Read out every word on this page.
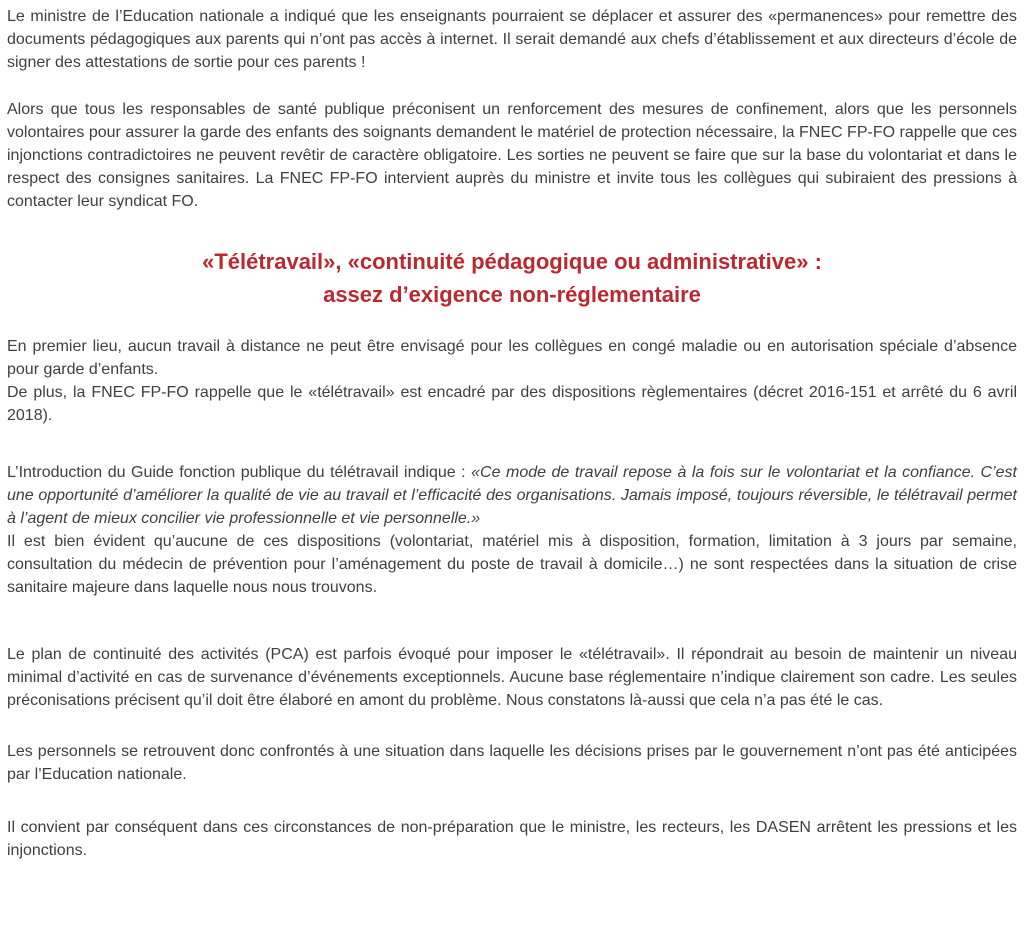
Le ministre de l’Education nationale a indiqué que les enseignants pourraient se déplacer et assurer des «permanences» pour remettre des documents pédagogiques aux parents qui n’ont pas accès à internet. Il serait demandé aux chefs d’établissement et aux directeurs d’école de signer des attestations de sortie pour ces parents !

Alors que tous les responsables de santé publique préconisent un renforcement des mesures de confinement, alors que les personnels volontaires pour assurer la garde des enfants des soignants demandent le matériel de protection nécessaire, la FNEC FP-FO rappelle que ces injonctions contradictoires ne peuvent revêtir de caractère obligatoire. Les sorties ne peuvent se faire que sur la base du volontariat et dans le respect des consignes sanitaires. La FNEC FP-FO intervient auprès du ministre et invite tous les collègues qui subiraient des pressions à contacter leur syndicat FO.

«Télétravail», «continuité pédagogique ou administrative» :
assez d’exigence non-réglementaire

En premier lieu, aucun travail à distance ne peut être envisagé pour les collègues en congé maladie ou en autorisation spéciale d’absence pour garde d’enfants.
De plus, la FNEC FP-FO rappelle que le «télétravail» est encadré par des dispositions règlementaires (décret 2016-151 et arrêté du 6 avril 2018).

L’Introduction du Guide fonction publique du télétravail indique : «Ce mode de travail repose à la fois sur le volontariat et la confiance. C’est une opportunité d’améliorer la qualité de vie au travail et l’efficacité des organisations. Jamais imposé, toujours réversible, le télétravail permet à l’agent de mieux concilier vie professionnelle et vie personnelle.»
Il est bien évident qu’aucune de ces dispositions (volontariat, matériel mis à disposition, formation, limitation à 3 jours par semaine, consultation du médecin de prévention pour l’aménagement du poste de travail à domicile…) ne sont respectées dans la situation de crise sanitaire majeure dans laquelle nous nous trouvons.

Le plan de continuité des activités (PCA) est parfois évoqué pour imposer le «télétravail». Il répondrait au besoin de maintenir un niveau minimal d’activité en cas de survenance d’événements exceptionnels. Aucune base réglementaire n’indique clairement son cadre. Les seules préconisations précisent qu’il doit être élaboré en amont du problème. Nous constatons là-aussi que cela n’a pas été le cas.

Les personnels se retrouvent donc confrontés à une situation dans laquelle les décisions prises par le gouvernement n’ont pas été anticipées par l’Education nationale.

Il convient par conséquent dans ces circonstances de non-préparation que le ministre, les recteurs, les DASEN arrêtent les pressions et les injonctions.
